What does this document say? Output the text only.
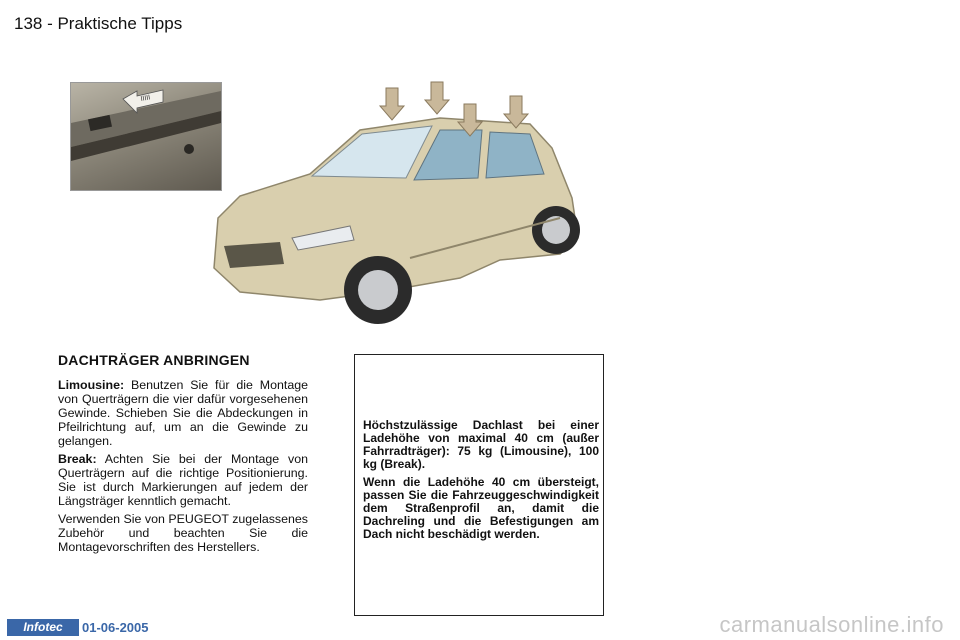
138 - Praktische Tipps
IIIII
DACHTRÄGER ANBRINGEN

Limousine: Benutzen Sie für die Montage von Querträgern die vier dafür vorgesehenen Gewinde. Schieben Sie die Abdeckungen in Pfeilrichtung auf, um an die Gewinde zu gelangen.

Break: Achten Sie bei der Montage von Querträgern auf die richtige Positionierung. Sie ist durch Markierungen auf jedem der Längsträger kenntlich gemacht.

Verwenden Sie von PEUGEOT zugelassenes Zubehör und beachten Sie die Montagevorschriften des Herstellers.

Höchstzulässige Dachlast bei einer Ladehöhe von maximal 40 cm (außer Fahrradträger): 75 kg (Limousine), 100 kg (Break).

Wenn die Ladehöhe 40 cm übersteigt, passen Sie die Fahrzeuggeschwindigkeit dem Straßenprofil an, damit die Dachreling und die Befestigungen am Dach nicht beschädigt werden.

Infotec	01-06-2005	carmanualsonline.info
